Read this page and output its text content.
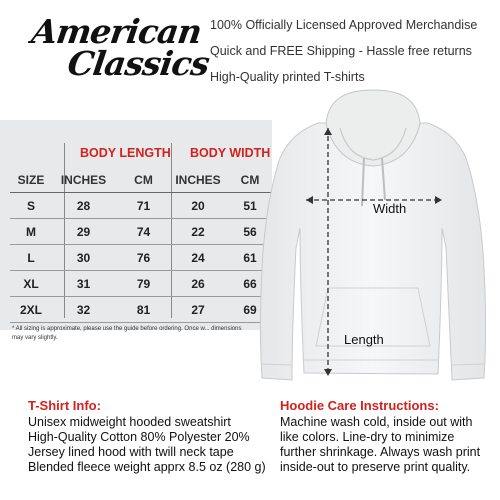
American
Classics
100% Officially Licensed Approved Merchandise
Quick and FREE Shipping - Hassle free returns
High-Quality printed T-shirts
BODY LENGTH BODY WIDTH
SIZE	INCHES	CM	INCHES	CM
S	28	71	20	51
M	29	74	22	56
L	30	76	24	61
XL	31	79	26	66
2XL	32	81	27	69
* All sizing is approximate, please use the guide before ordering. Once w... dimensions may vary slightly.
Width
Length
T-Shirt Info:
Unisex midweight hooded sweatshirt
High-Quality Cotton 80% Polyester 20%
Jersey lined hood with twill neck tape
Blended fleece weight apprx 8.5 oz (280 g)
Hoodie Care Instructions:
Machine wash cold, inside out with
like colors. Line-dry to minimize
further shrinkage. Always wash print
inside-out to preserve print quality.
